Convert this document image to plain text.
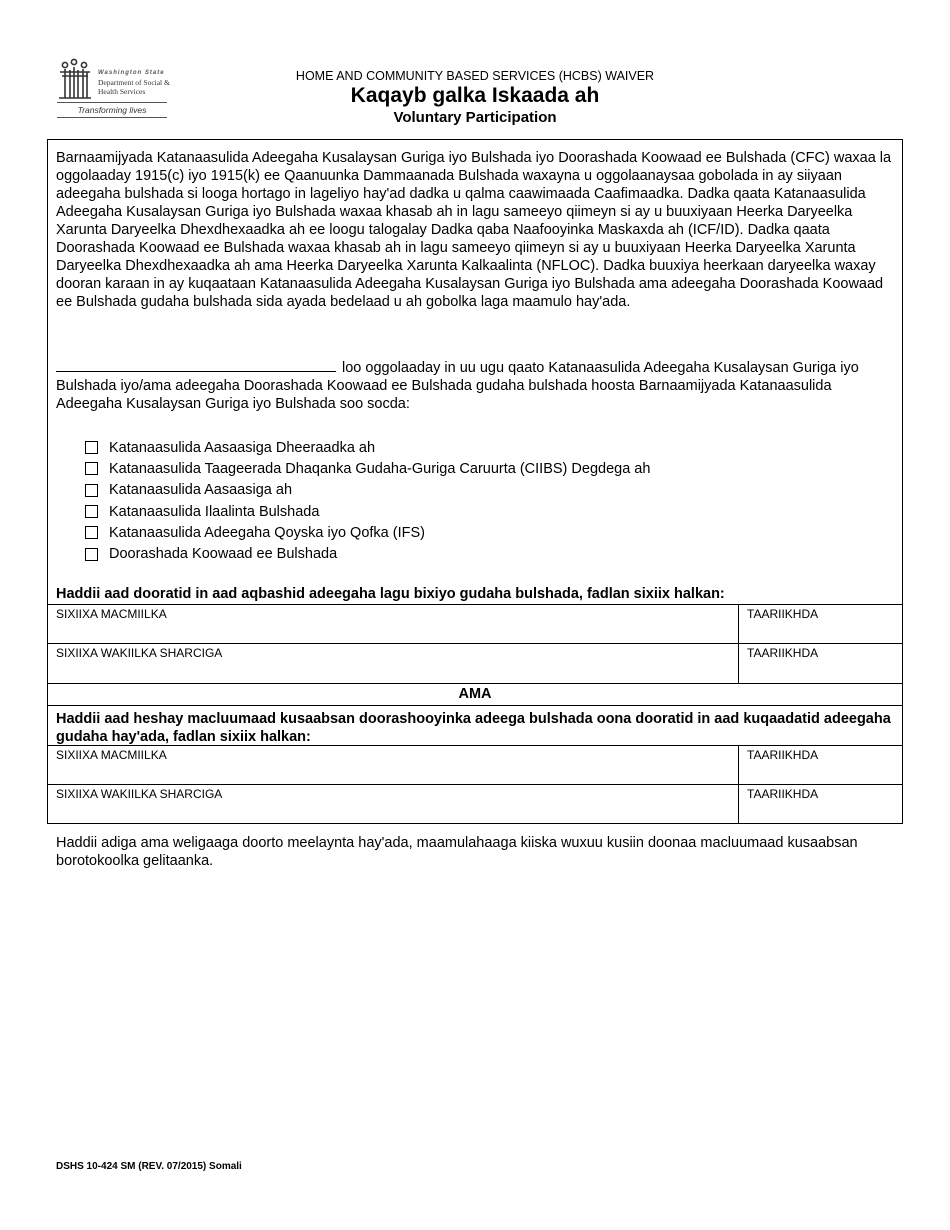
Washington State
Department of Social & Health Services
Transforming lives
HOME AND COMMUNITY BASED SERVICES (HCBS) WAIVER
Kaqayb galka Iskaada ah
Voluntary Participation

Barnaamijyada Katanaasulida Adeegaha Kusalaysan Guriga iyo Bulshada iyo Doorashada Koowaad ee Bulshada (CFC) waxaa la oggolaaday 1915(c) iyo 1915(k) ee Qaanuunka Dammaanada Bulshada waxayna u oggolaanaysaa gobolada in ay siiyaan adeegaha bulshada si looga hortago in lageliyo hay'ad dadka u qalma caawimaada Caafimaadka. Dadka qaata Katanaasulida Adeegaha Kusalaysan Guriga iyo Bulshada waxaa khasab ah in lagu sameeyo qiimeyn si ay u buuxiyaan Heerka Daryeelka Xarunta Daryeelka Dhexdhexaadka ah ee loogu talogalay Dadka qaba Naafooyinka Maskaxda ah (ICF/ID). Dadka qaata Doorashada Koowaad ee Bulshada waxaa khasab ah in lagu sameeyo qiimeyn si ay u buuxiyaan Heerka Daryeelka Xarunta Daryeelka Dhexdhexaadka ah ama Heerka Daryeelka Xarunta Kalkaalinta (NFLOC). Dadka buuxiya heerkaan daryeelka waxay dooran karaan in ay kuqaataan Katanaasulida Adeegaha Kusalaysan Guriga iyo Bulshada ama adeegaha Doorashada Koowaad ee Bulshada gudaha bulshada sida ayada bedelaad u ah gobolka laga maamulo hay'ada.

loo oggolaaday in uu ugu qaato Katanaasulida Adeegaha Kusalaysan Guriga iyo Bulshada iyo/ama adeegaha Doorashada Koowaad ee Bulshada gudaha bulshada hoosta Barnaamijyada Katanaasulida Adeegaha Kusalaysan Guriga iyo Bulshada soo socda:

Katanaasulida Aasaasiga Dheeraadka ah
Katanaasulida Taageerada Dhaqanka Gudaha-Guriga Caruurta (CIIBS) Degdega ah
Katanaasulida Aasaasiga ah
Katanaasulida Ilaalinta Bulshada
Katanaasulida Adeegaha Qoyska iyo Qofka (IFS)
Doorashada Koowaad ee Bulshada
Haddii aad dooratid in aad aqbashid adeegaha lagu bixiyo gudaha bulshada, fadlan sixiix halkan:
SIXIIXA MACMIILKA	TAARIIKHDA
SIXIIXA WAKIILKA SHARCIGA	TAARIIKHDA
AMA
Haddii aad heshay macluumaad kusaabsan doorashooyinka adeega bulshada oona dooratid in aad kuqaadatid adeegaha gudaha hay'ada, fadlan sixiix halkan:
SIXIIXA MACMIILKA	TAARIIKHDA
SIXIIXA WAKIILKA SHARCIGA	TAARIIKHDA

Haddii adiga ama weligaaga doorto meelaynta hay'ada, maamulahaaga kiiska wuxuu kusiin doonaa macluumaad kusaabsan borotokoolka gelitaanka.

DSHS 10-424 SM (REV. 07/2015) Somali
